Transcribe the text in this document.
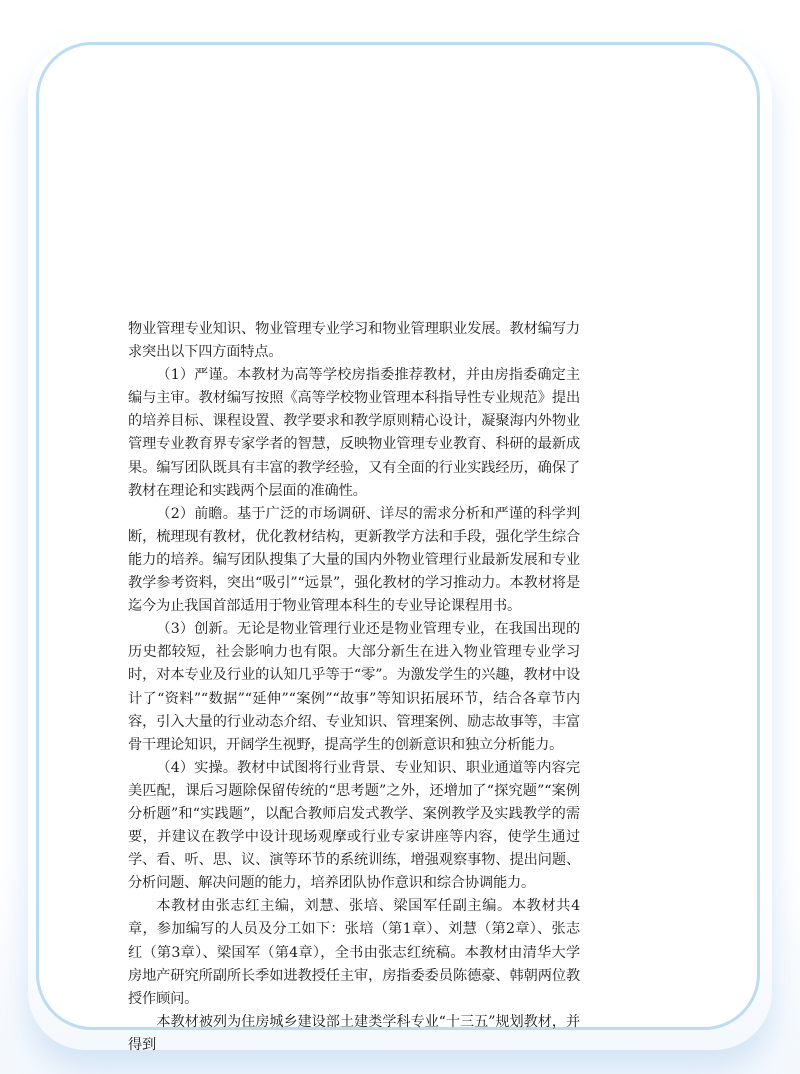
物业管理专业知识、物业管理专业学习和物业管理职业发展。教材编写力求突出以下四方面特点。

（1）严谨。本教材为高等学校房指委推荐教材，并由房指委确定主编与主审。教材编写按照《高等学校物业管理本科指导性专业规范》提出的培养目标、课程设置、教学要求和教学原则精心设计，凝聚海内外物业管理专业教育界专家学者的智慧，反映物业管理专业教育、科研的最新成果。编写团队既具有丰富的教学经验，又有全面的行业实践经历，确保了教材在理论和实践两个层面的准确性。

（2）前瞻。基于广泛的市场调研、详尽的需求分析和严谨的科学判断，梳理现有教材，优化教材结构，更新教学方法和手段，强化学生综合能力的培养。编写团队搜集了大量的国内外物业管理行业最新发展和专业教学参考资料，突出“吸引”“远景”，强化教材的学习推动力。本教材将是迄今为止我国首部适用于物业管理本科生的专业导论课程用书。

（3）创新。无论是物业管理行业还是物业管理专业，在我国出现的历史都较短，社会影响力也有限。大部分新生在进入物业管理专业学习时，对本专业及行业的认知几乎等于“零”。为激发学生的兴趣，教材中设计了“资料”“数据”“延伸”“案例”“故事”等知识拓展环节，结合各章节内容，引入大量的行业动态介绍、专业知识、管理案例、励志故事等，丰富骨干理论知识，开阔学生视野，提高学生的创新意识和独立分析能力。

（4）实操。教材中试图将行业背景、专业知识、职业通道等内容完美匹配，课后习题除保留传统的“思考题”之外，还增加了“探究题”“案例分析题”和“实践题”，以配合教师启发式教学、案例教学及实践教学的需要，并建议在教学中设计现场观摩或行业专家讲座等内容，使学生通过学、看、听、思、议、演等环节的系统训练，增强观察事物、提出问题、分析问题、解决问题的能力，培养团队协作意识和综合协调能力。

本教材由张志红主编，刘慧、张培、梁国军任副主编。本教材共4章，参加编写的人员及分工如下：张培（第1章）、刘慧（第2章）、张志红（第3章）、梁国军（第4章），全书由张志红统稿。本教材由清华大学房地产研究所副所长季如进教授任主审，房指委委员陈德豪、韩朝两位教授作顾问。

本教材被列为住房城乡建设部土建类学科专业“十三五”规划教材，并得到
